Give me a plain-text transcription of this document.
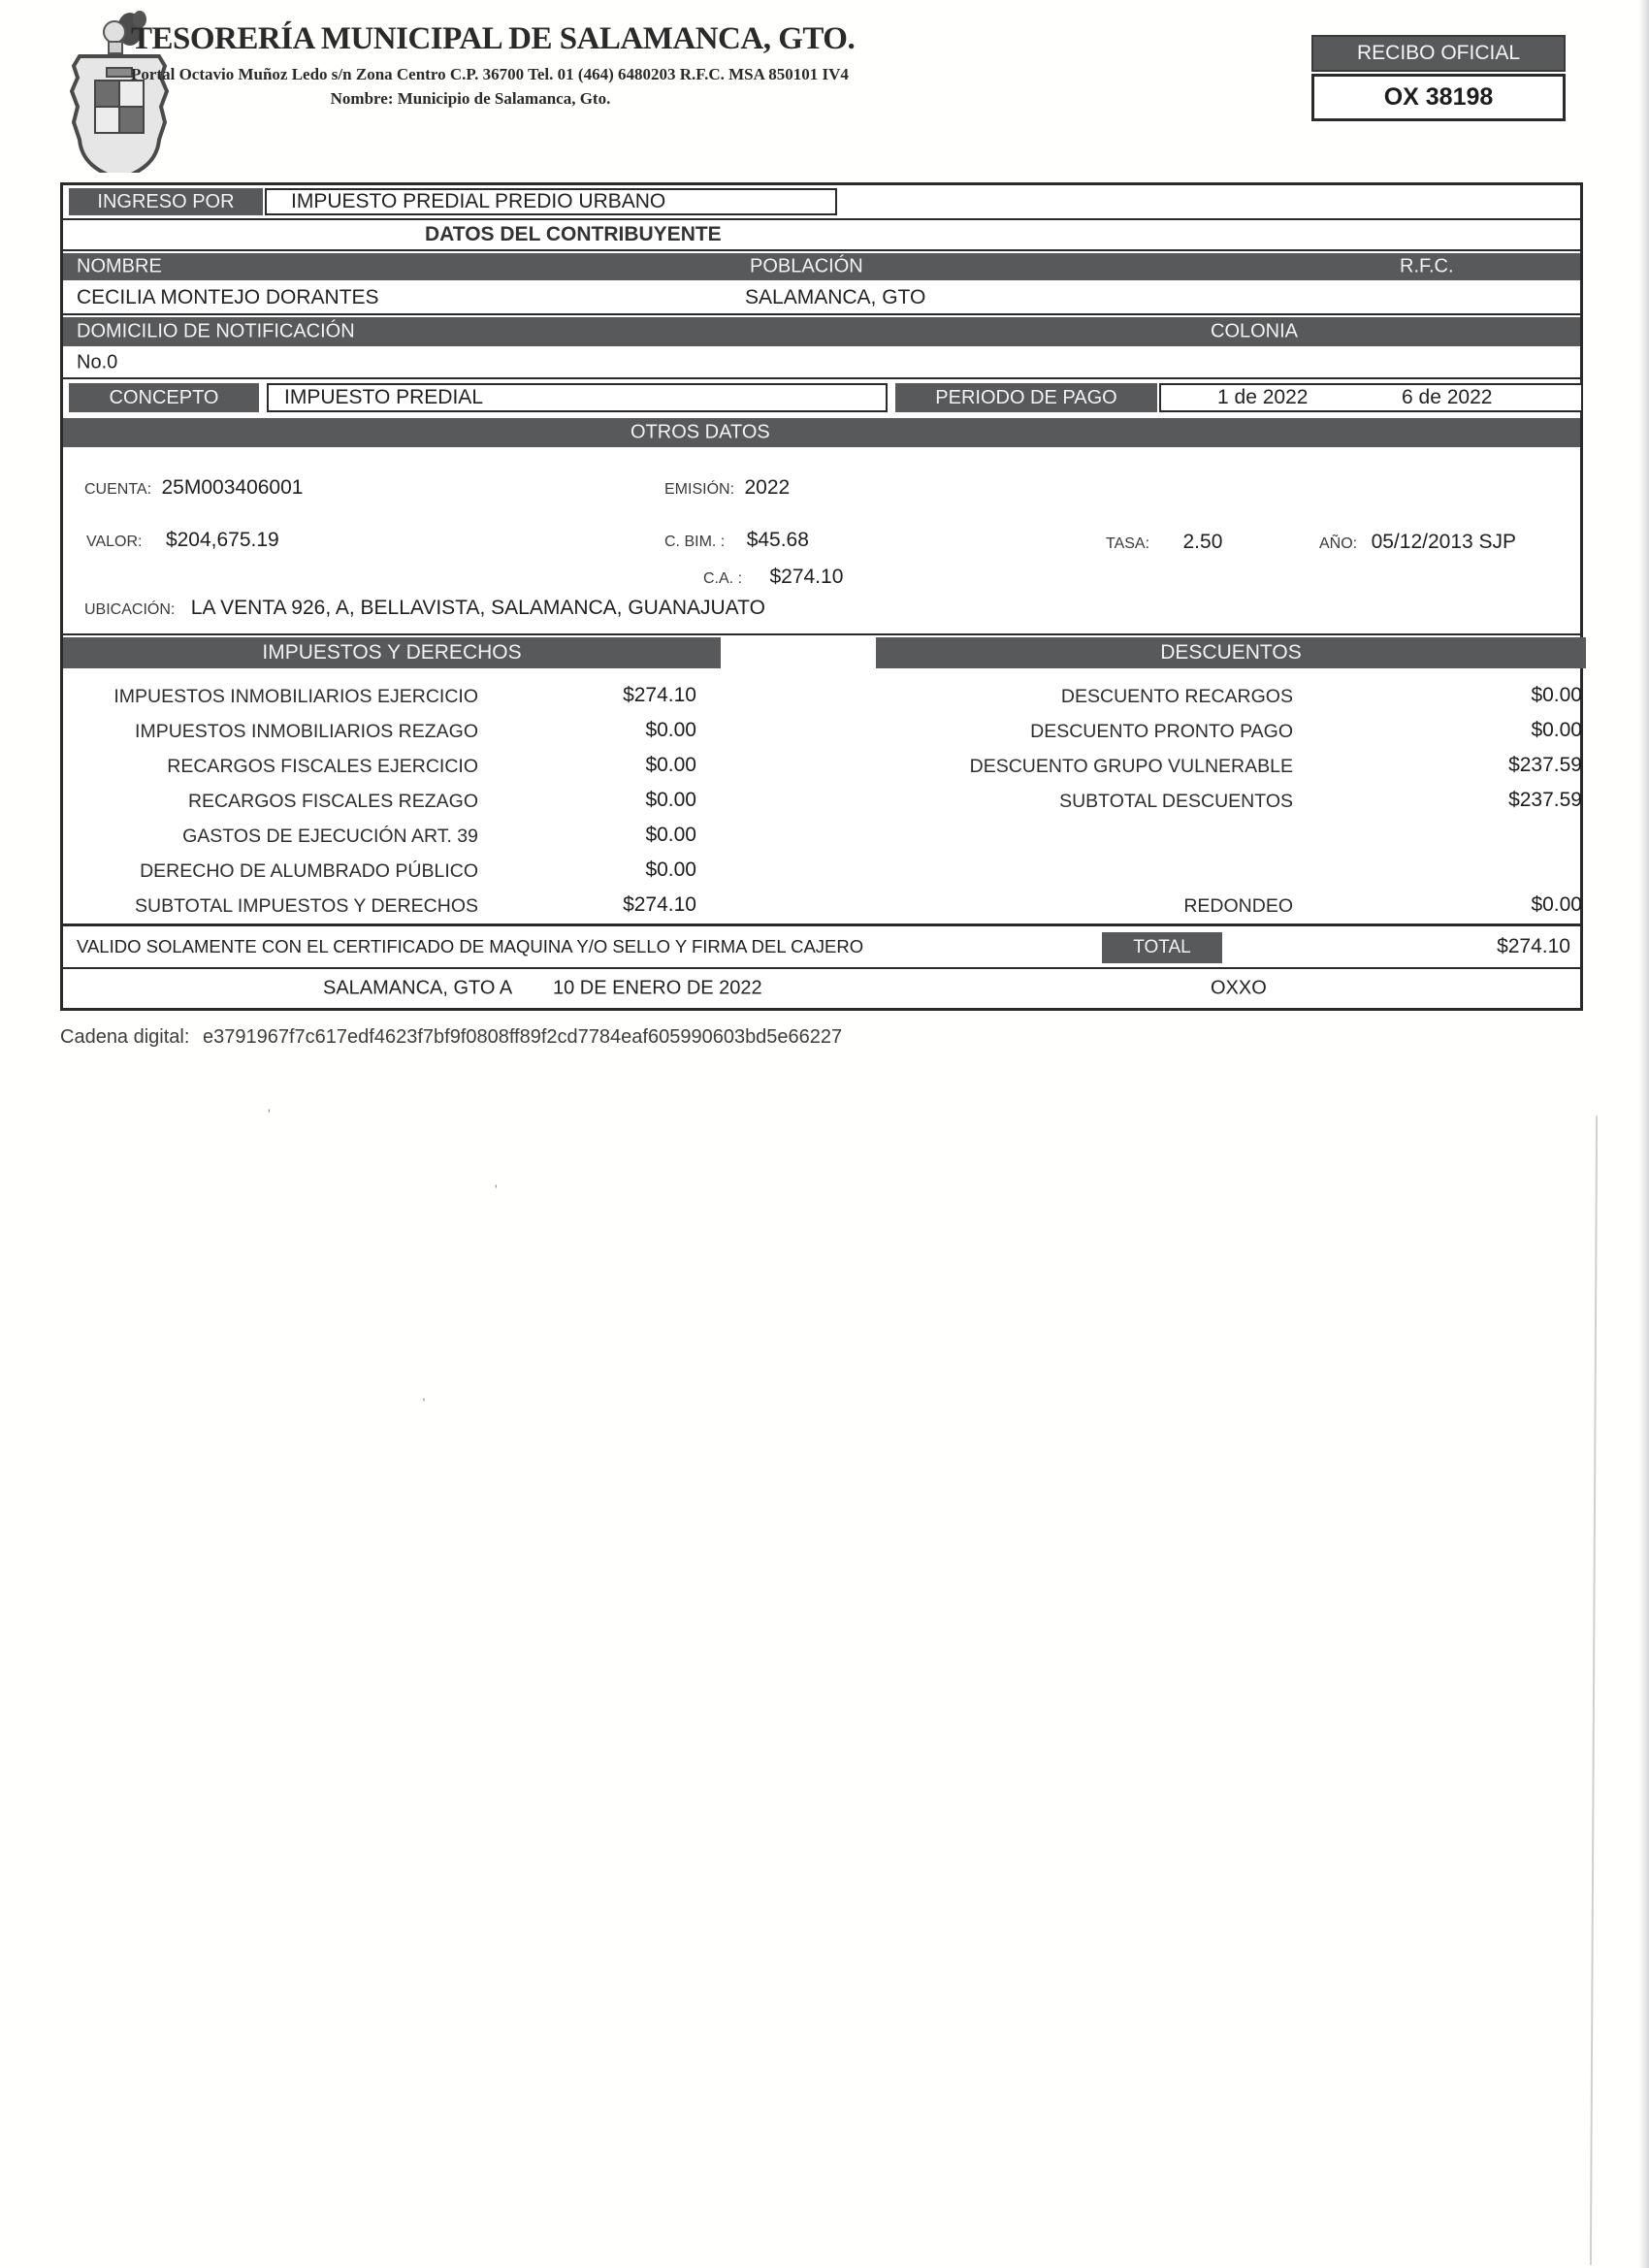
TESORERÍA MUNICIPAL DE SALAMANCA, GTO.
Portal Octavio Muñoz Ledo s/n Zona Centro C.P. 36700 Tel. 01 (464) 6480203 R.F.C. MSA 850101 IV4
Nombre: Municipio de Salamanca, Gto.
RECIBO OFICIAL
OX 38198
INGRESO POR	IMPUESTO PREDIAL PREDIO URBANO
DATOS DEL CONTRIBUYENTE
NOMBRE	POBLACIÓN	R.F.C.
CECILIA MONTEJO DORANTES	SALAMANCA, GTO
DOMICILIO DE NOTIFICACIÓN	COLONIA
No.0
CONCEPTO	IMPUESTO PREDIAL	PERIODO DE PAGO	1 de 2022	6 de 2022
OTROS DATOS
CUENTA: 25M003406001	EMISIÓN: 2022
VALOR: $204,675.19	C. BIM. : $45.68	TASA: 2.50	AÑO: 05/12/2013 SJP
C.A. : $274.10
UBICACIÓN: LA VENTA 926, A, BELLAVISTA, SALAMANCA, GUANAJUATO
IMPUESTOS Y DERECHOS	DESCUENTOS
IMPUESTOS INMOBILIARIOS EJERCICIO	$274.10
IMPUESTOS INMOBILIARIOS REZAGO	$0.00
RECARGOS FISCALES EJERCICIO	$0.00
RECARGOS FISCALES REZAGO	$0.00
GASTOS DE EJECUCIÓN ART. 39	$0.00
DERECHO DE ALUMBRADO PÚBLICO	$0.00
SUBTOTAL IMPUESTOS Y DERECHOS	$274.10
DESCUENTO RECARGOS	$0.00
DESCUENTO PRONTO PAGO	$0.00
DESCUENTO GRUPO VULNERABLE	$237.59
SUBTOTAL DESCUENTOS	$237.59
REDONDEO	$0.00
VALIDO SOLAMENTE CON EL CERTIFICADO DE MAQUINA Y/O SELLO Y FIRMA DEL CAJERO	TOTAL	$274.10
SALAMANCA, GTO A 10 DE ENERO DE 2022	OXXO
Cadena digital: e3791967f7c617edf4623f7bf9f0808ff89f2cd7784eaf605990603bd5e66227
'
'
,
